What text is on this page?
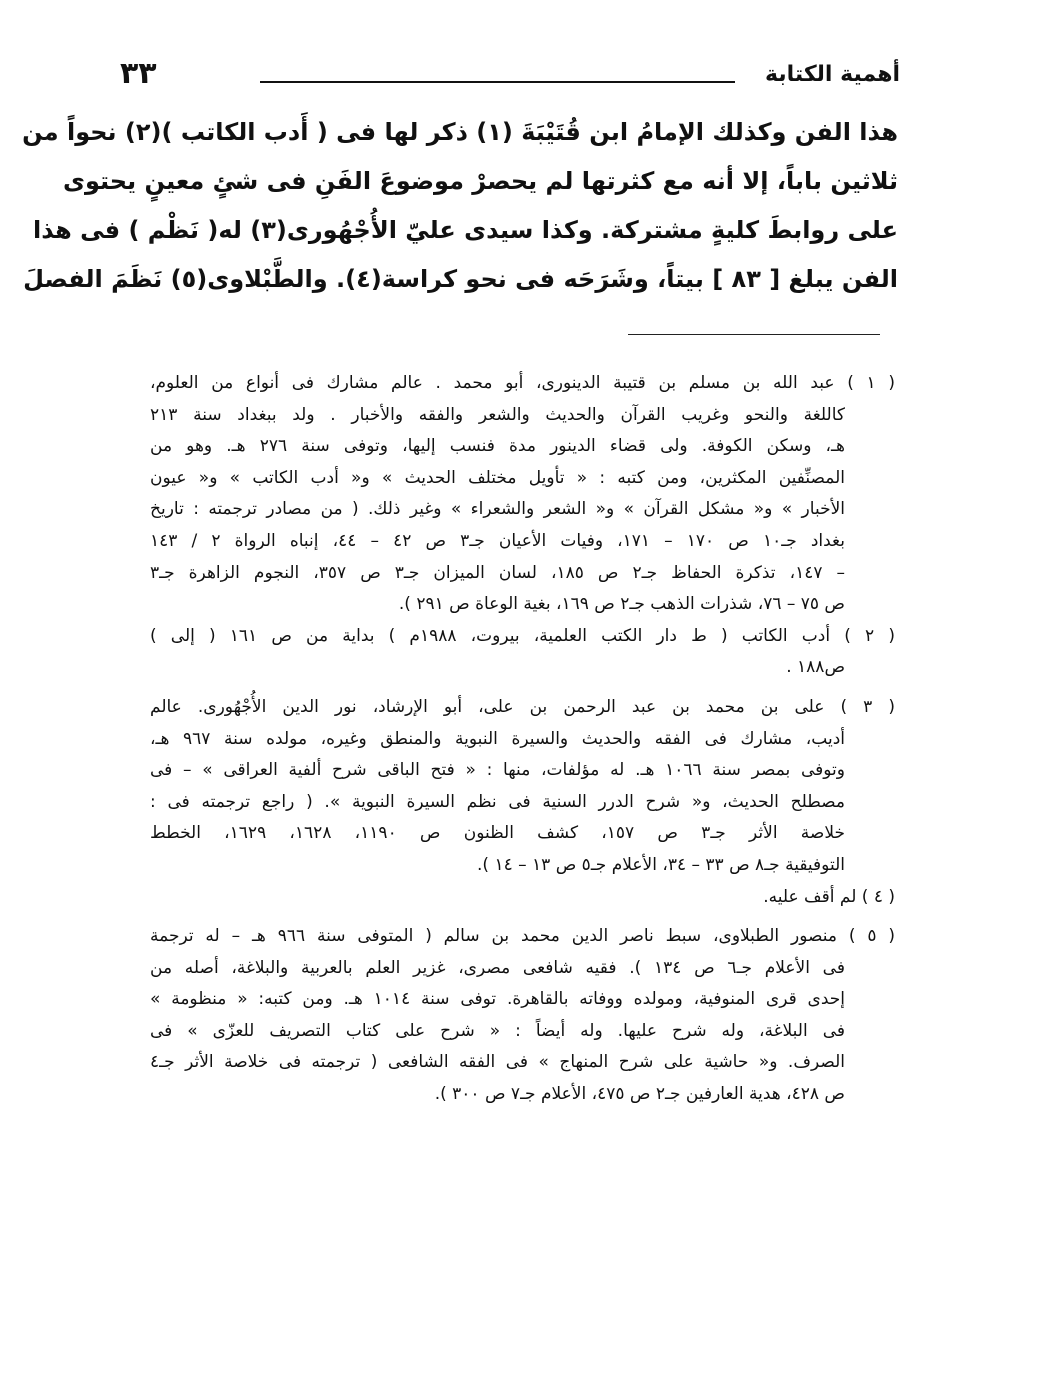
أهمية الكتابة
٣٣
هذا الفن وكذلك الإمامُ ابن قُتَيْبَةَ (١) ذكر لها فى ( أَدب الكاتب )(٢) نحواً من
ثلاثين باباً، إلا أنه مع كثرتها لم يحصرْ موضوعَ الفَنِ فى شئٍ معينٍ يحتوى
على روابطَ كليةٍ مشتركة. وكذا سيدى عليّ الأُجْهُورى(٣) له( نَظْم ) فى هذا
الفن يبلغ [ ٨٣ ] بيتاً، وشَرَحَه فى نحو كراسة(٤). والطَّبْلاوى(٥) نَظَمَ الفصلَ
( ١ ) عبد الله بن مسلم بن قتيبة الدينورى، أبو محمد . عالم مشارك فى أنواع من العلوم،
كاللغة والنحو وغريب القرآن والحديث والشعر والفقه والأخبار . ولد ببغداد سنة ٢١٣
هـ، وسكن الكوفة. ولى قضاء الدينور مدة فنسب إليها، وتوفى سنة ٢٧٦ هـ. وهو من
المصنِّفين المكثرين، ومن كتبه : « تأويل مختلف الحديث » و« أدب الكاتب » و« عيون
الأخبار » و« مشكل القرآن » و« الشعر والشعراء » وغير ذلك. ( من مصادر ترجمته : تاريخ
بغداد جـ١٠ ص ١٧٠ – ١٧١، وفيات الأعيان جـ٣ ص ٤٢ – ٤٤، إنباه الرواة ٢ / ١٤٣
– ١٤٧، تذكرة الحفاظ جـ٢ ص ١٨٥، لسان الميزان جـ٣ ص ٣٥٧، النجوم الزاهرة جـ٣
ص ٧٥ – ٧٦، شذرات الذهب جـ٢ ص ١٦٩، بغية الوعاة ص ٢٩١ ).
( ٢ ) أدب الكاتب ( ط دار الكتب العلمية، بيروت، ١٩٨٨م ) بداية من ص ١٦١ ( إلى )
ص١٨٨ .
( ٣ ) على بن محمد بن عبد الرحمن بن على، أبو الإرشاد، نور الدين الأُجْهُورى. عالم
أديب، مشارك فى الفقه والحديث والسيرة النبوية والمنطق وغيره، مولده سنة ٩٦٧ هـ،
وتوفى بمصر سنة ١٠٦٦ هـ. له مؤلفات، منها : « فتح الباقى شرح ألفية العراقى » – فى
مصطلح الحديث، و« شرح الدرر السنية فى نظم السيرة النبوية ». ( راجع ترجمته فى :
خلاصة الأثر جـ٣ ص ١٥٧، كشف الظنون ص ١١٩٠، ١٦٢٨، ١٦٢٩، الخطط
التوفيقية جـ٨ ص ٣٣ – ٣٤، الأعلام جـ٥ ص ١٣ – ١٤ ).
( ٤ ) لم أقف عليه.
( ٥ ) منصور الطبلاوى، سبط ناصر الدين محمد بن سالم ( المتوفى سنة ٩٦٦ هـ – له ترجمة
فى الأعلام جـ٦ ص ١٣٤ ). فقيه شافعى مصرى، غزير العلم بالعربية والبلاغة، أصله من
إحدى قرى المنوفية، ومولده ووفاته بالقاهرة. توفى سنة ١٠١٤ هـ. ومن كتبه: « منظومة »
فى البلاغة، وله شرح عليها. وله أيضاً : « شرح على كتاب التصريف للعزّى » فى
الصرف. و« حاشية على شرح المنهاج » فى الفقه الشافعى ( ترجمته فى خلاصة الأثر جـ٤
ص ٤٢٨، هدية العارفين جـ٢ ص ٤٧٥، الأعلام جـ٧ ص ٣٠٠ ).
